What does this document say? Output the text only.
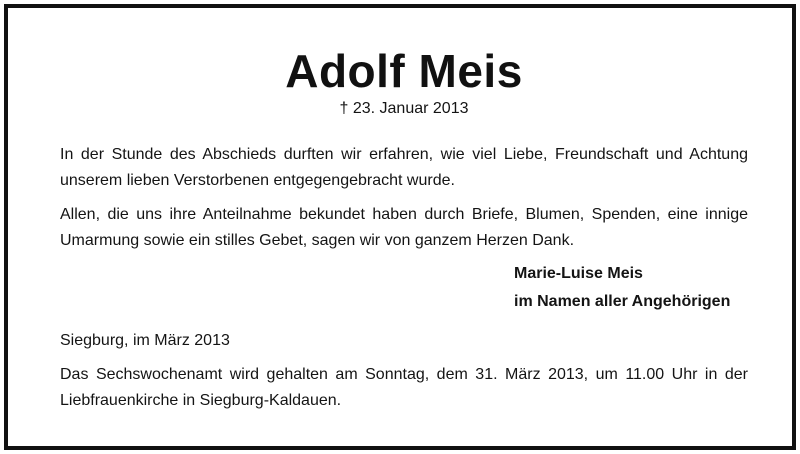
Adolf Meis
† 23. Januar 2013

In der Stunde des Abschieds durften wir erfahren, wie viel Liebe, Freundschaft und Achtung unserem lieben Verstorbenen entgegengebracht wurde.

Allen, die uns ihre Anteilnahme bekundet haben durch Briefe, Blumen, Spenden, eine innige Umarmung sowie ein stilles Gebet, sagen wir von ganzem Herzen Dank.

Marie-Luise Meis
im Namen aller Angehörigen

Siegburg, im März 2013

Das Sechswochenamt wird gehalten am Sonntag, dem 31. März 2013, um 11.00 Uhr in der Liebfrauenkirche in Siegburg-Kaldauen.
